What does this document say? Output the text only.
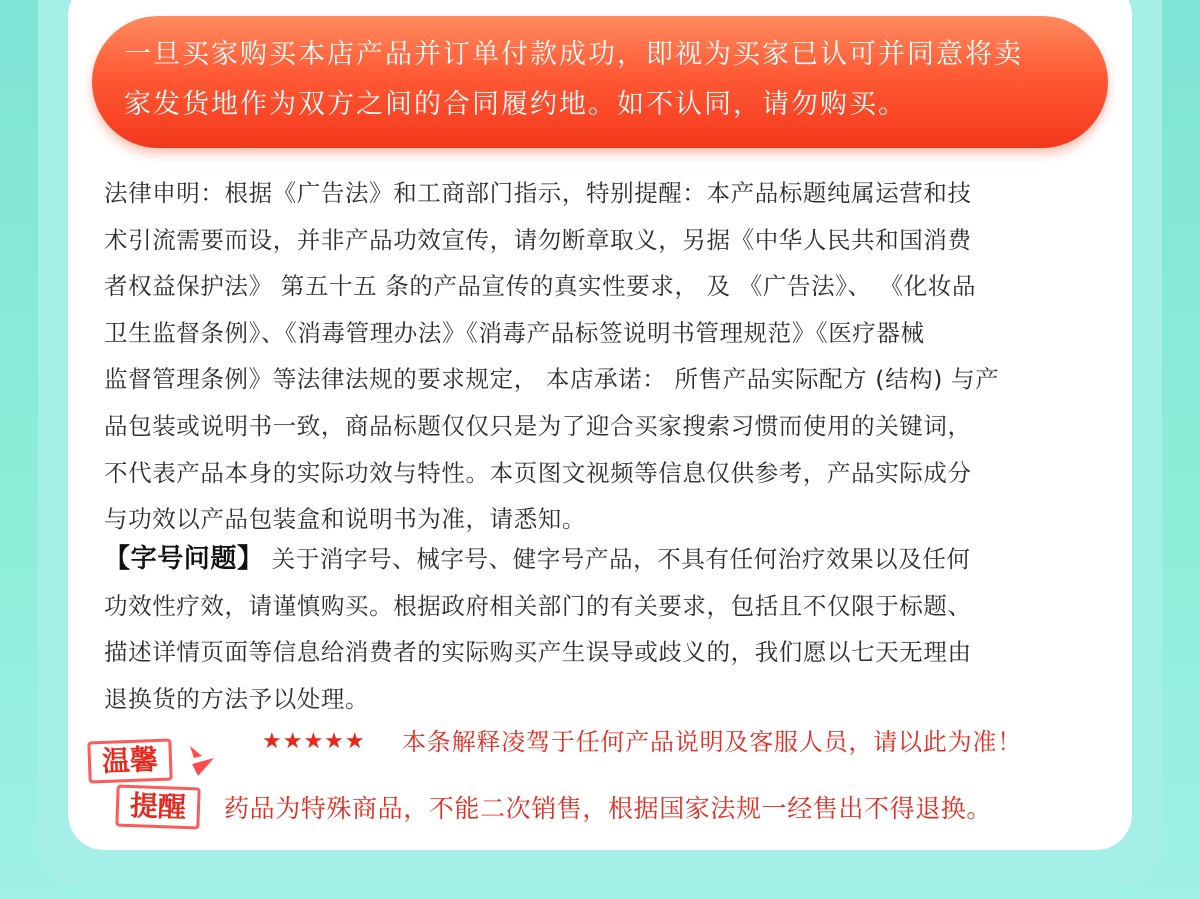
一旦买家购买本店产品并订单付款成功，即视为买家已认可并同意将卖
家发货地作为双方之间的合同履约地。如不认同，请勿购买。
法律申明：根据《广告法》和工商部门指示，特别提醒：本产品标题纯属运营和技
术引流需要而设，并非产品功效宣传，请勿断章取义，另据《中华人民共和国消费
者权益保护法》 第五十五 条的产品宣传的真实性要求， 及 《广告法》、 《化妆品
卫生监督条例》、《消毒管理办法》《消毒产品标签说明书管理规范》《医疗器械
监督管理条例》等法律法规的要求规定， 本店承诺： 所售产品实际配方 (结构) 与产
品包装或说明书一致，商品标题仅仅只是为了迎合买家搜索习惯而使用的关键词，
不代表产品本身的实际功效与特性。本页图文视频等信息仅供参考，产品实际成分
与功效以产品包装盒和说明书为准，请悉知。
【字号问题】 关于消字号、械字号、健字号产品，不具有任何治疗效果以及任何
功效性疗效，请谨慎购买。根据政府相关部门的有关要求，包括且不仅限于标题、
描述详情页面等信息给消费者的实际购买产生误导或歧义的，我们愿以七天无理由
退换货的方法予以处理。
温馨
提醒
★★★★★ 本条解释凌驾于任何产品说明及客服人员，请以此为准！
药品为特殊商品，不能二次销售，根据国家法规一经售出不得退换。
